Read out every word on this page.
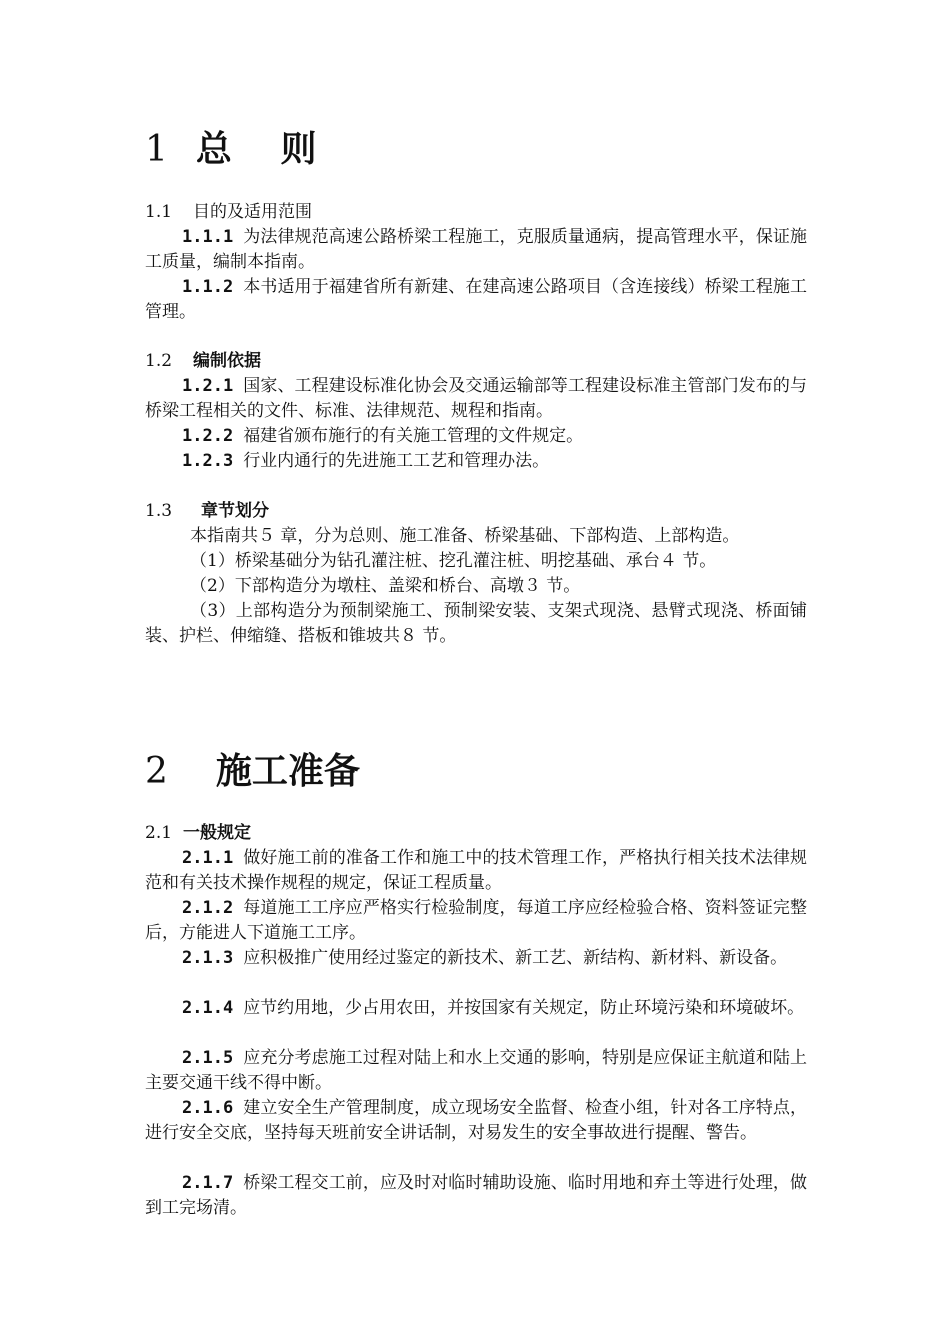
1 总 则

1.1 目的及适用范围

1.1.1 为法律规范高速公路桥梁工程施工，克服质量通病，提高管理水平，保证施工质量，编制本指南。

1.1.2 本书适用于福建省所有新建、在建高速公路项目（含连接线）桥梁工程施工管理。

1.2 编制依据

1.2.1 国家、工程建设标准化协会及交通运输部等工程建设标准主管部门发布的与桥梁工程相关的文件、标准、法律规范、规程和指南。

1.2.2 福建省颁布施行的有关施工管理的文件规定。

1.2.3 行业内通行的先进施工工艺和管理办法。

1.3 章节划分

本指南共５ 章，分为总则、施工准备、桥梁基础、下部构造、上部构造。

（1）桥梁基础分为钻孔灌注桩、挖孔灌注桩、明挖基础、承台４ 节。

（2）下部构造分为墩柱、盖梁和桥台、高墩３ 节。

（3）上部构造分为预制梁施工、预制梁安装、支架式现浇、悬臂式现浇、桥面铺装、护栏、伸缩缝、搭板和锥坡共８ 节。

2 施工准备

2.1 一般规定

2.1.1 做好施工前的准备工作和施工中的技术管理工作，严格执行相关技术法律规范和有关技术操作规程的规定，保证工程质量。

2.1.2 每道施工工序应严格实行检验制度，每道工序应经检验合格、资料签证完整后，方能进人下道施工工序。

2.1.3 应积极推广使用经过鉴定的新技术、新工艺、新结构、新材料、新设备。

2.1.4 应节约用地，少占用农田，并按国家有关规定，防止环境污染和环境破坏。

2.1.5 应充分考虑施工过程对陆上和水上交通的影响，特别是应保证主航道和陆上主要交通干线不得中断。

2.1.6 建立安全生产管理制度，成立现场安全监督、检查小组，针对各工序特点，进行安全交底，坚持每天班前安全讲话制，对易发生的安全事故进行提醒、警告。

2.1.7 桥梁工程交工前，应及时对临时辅助设施、临时用地和弃土等进行处理，做到工完场清。
